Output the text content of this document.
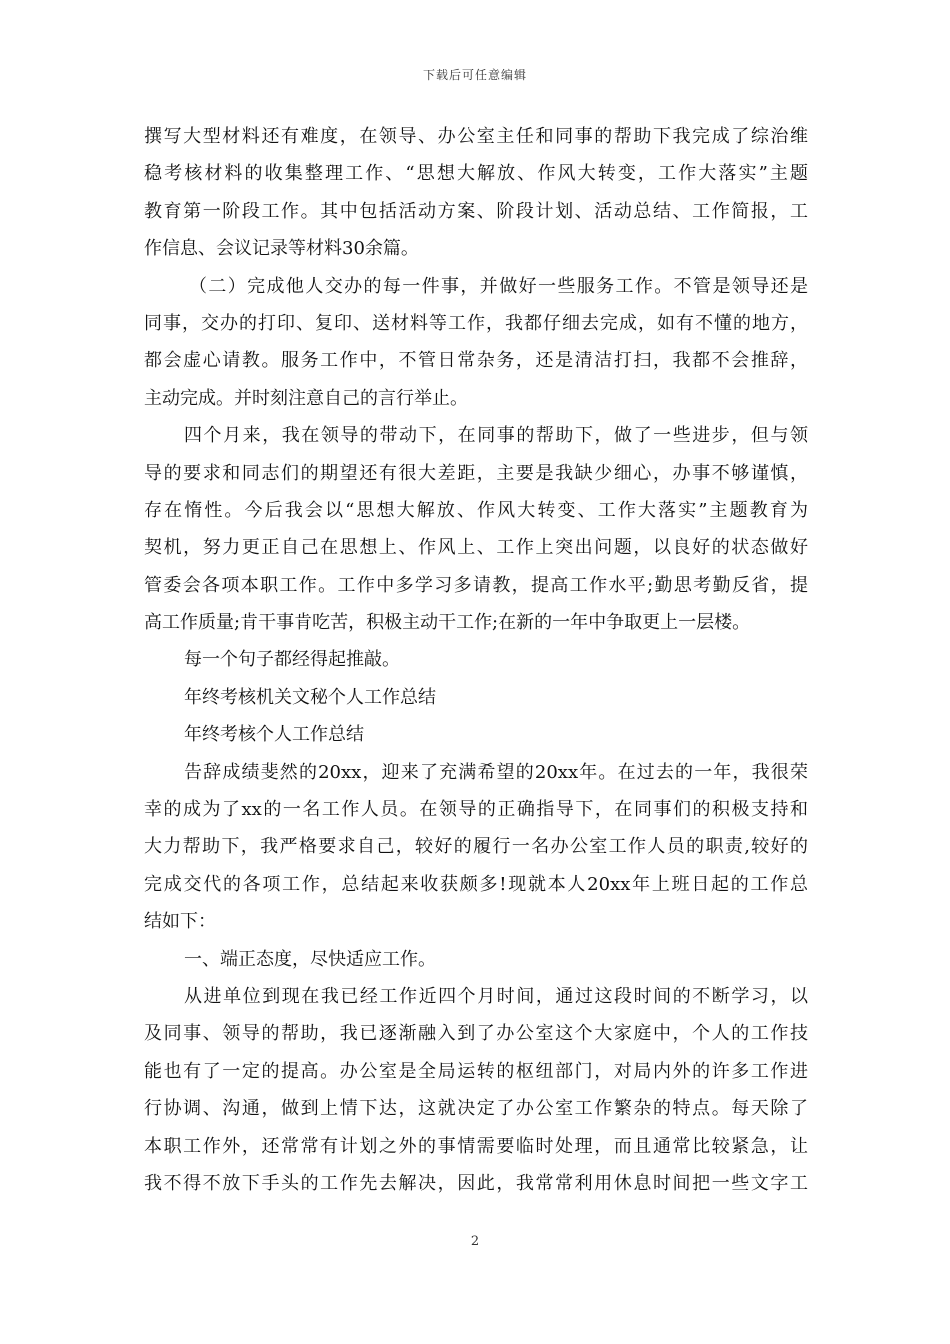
下载后可任意编辑
撰写大型材料还有难度，在领导、办公室主任和同事的帮助下我完成了综治维
稳考核材料的收集整理工作、“思想大解放、作风大转变，工作大落实”主题
教育第一阶段工作。其中包括活动方案、阶段计划、活动总结、工作简报，工
作信息、会议记录等材料30余篇。
（二）完成他人交办的每一件事，并做好一些服务工作。不管是领导还是
同事，交办的打印、复印、送材料等工作，我都仔细去完成，如有不懂的地方，
都会虚心请教。服务工作中，不管日常杂务，还是清洁打扫，我都不会推辞，
主动完成。并时刻注意自己的言行举止。
四个月来，我在领导的带动下，在同事的帮助下，做了一些进步，但与领
导的要求和同志们的期望还有很大差距，主要是我缺少细心，办事不够谨慎，
存在惰性。今后我会以“思想大解放、作风大转变、工作大落实”主题教育为
契机，努力更正自己在思想上、作风上、工作上突出问题，以良好的状态做好
管委会各项本职工作。工作中多学习多请教，提高工作水平;勤思考勤反省，提
高工作质量;肯干事肯吃苦，积极主动干工作;在新的一年中争取更上一层楼。
每一个句子都经得起推敲。
年终考核机关文秘个人工作总结
年终考核个人工作总结
告辞成绩斐然的20xx，迎来了充满希望的20xx年。在过去的一年，我很荣
幸的成为了xx的一名工作人员。在领导的正确指导下，在同事们的积极支持和
大力帮助下，我严格要求自己，较好的履行一名办公室工作人员的职责,较好的
完成交代的各项工作，总结起来收获颇多!现就本人20xx年上班日起的工作总
结如下：
一、端正态度，尽快适应工作。
从进单位到现在我已经工作近四个月时间，通过这段时间的不断学习，以
及同事、领导的帮助，我已逐渐融入到了办公室这个大家庭中，个人的工作技
能也有了一定的提高。办公室是全局运转的枢纽部门，对局内外的许多工作进
行协调、沟通，做到上情下达，这就决定了办公室工作繁杂的特点。每天除了
本职工作外，还常常有计划之外的事情需要临时处理，而且通常比较紧急，让
我不得不放下手头的工作先去解决，因此，我常常利用休息时间把一些文字工
2
